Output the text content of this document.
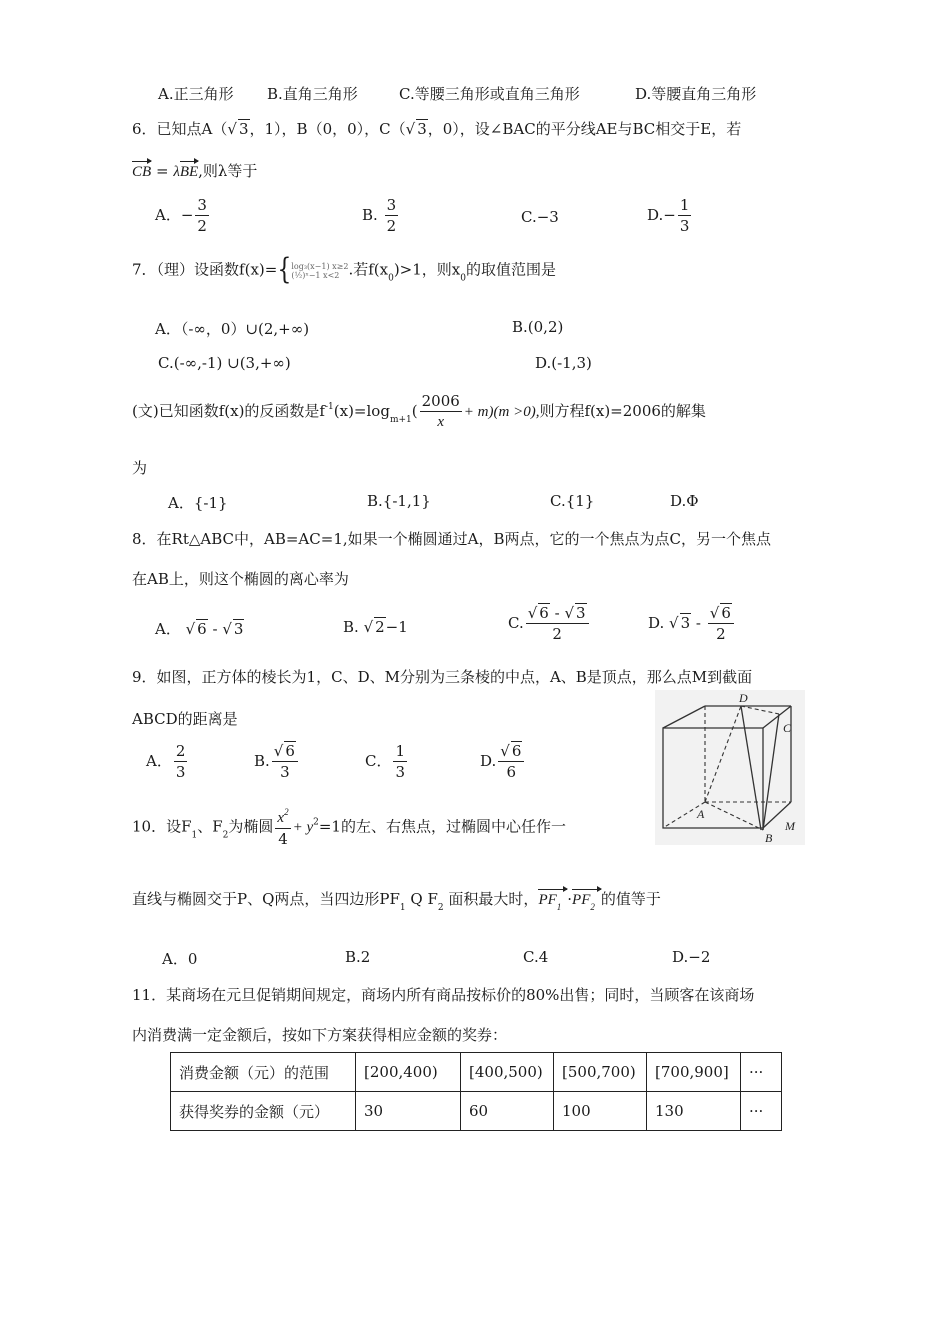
A.正三角形 B.直角三角形	C.等腰三角形或直角三角形	D.等腰直角三角形
6．已知点A（√ 3，1），B（0，0），C（√ 3，0），设∠BAC的平分线AE与BC相交于E，若
CB = λBE,则λ等于
A．− $\frac{3}{2}$	B. $\frac{3}{2}$	C.−3	$D.- \frac{1}{3}$
7．（理）设函数f(x)={ log₃(x−1) x≥2
(½)ˣ−1 x<2 .若$f(x_0)>1$，则$x_0$的取值范围是
A．（-∞，0）∪(2,+∞)	B.(0,2)
C.(-∞,-1) ∪(3,+∞)	D.(-1,3)
(文)已知函数f(x)的反函数是$f^{-1}(x)=\log_{m+1}( \frac{2006}{x} + m)(m >0)$,则方程f(x)=2006的解集
为
A．{-1}	B.{-1,1}	C.{1}	D.Φ
8．在Rt△ABC中，AB=AC=1,如果一个椭圆通过A，B两点，它的一个焦点为点C，另一个焦点
在AB上，则这个椭圆的离心率为
A． √ 6 - √ 3	B. √ 2−1	C. $\frac{√ 6 - √ 3}{2}$	D. √ $3 - \frac{√ 6}{2}$
9．如图，正方体的棱长为1，C、D、M分别为三条棱的中点，A、B是顶点，那么点M到截面
ABCD的距离是
A． $\frac{2}{3}$	B. $\frac{√ 6}{3}$	C． $\frac{1}{3}$	D. $\frac{√ 6}{6}$
D
C
A
B
M
10．设$F_1$、$F_2$为椭圆 $\frac{x^2}{4} + y^2=1$的左、右焦点，过椭圆中心任作一
直线与椭圆交于P、Q两点，当四边形$PF_1$ Q $F_2$ 面积最大时，$PF_1 \cdot PF_2$ 的值等于
A．0	B.2	C.4	D.−2
11．某商场在元旦促销期间规定，商场内所有商品按标价的80%出售；同时，当顾客在该商场
内消费满一定金额后，按如下方案获得相应金额的奖券：
消费金额（元）的范围	[200,400)	[400,500)	[500,700)	[700,900]	···
获得奖券的金额（元）	30	60	100	130	···
